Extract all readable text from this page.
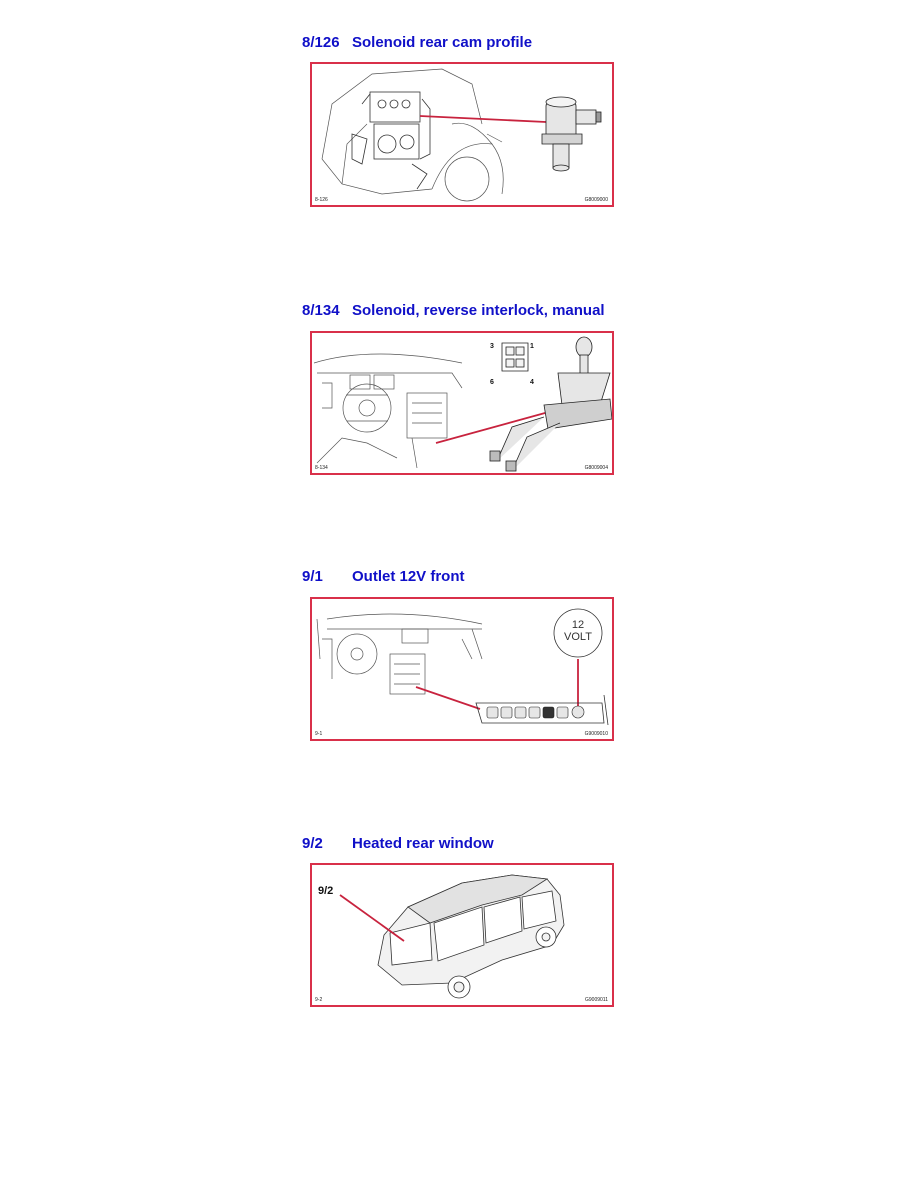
8/126 Solenoid rear cam profile
8-126	G8009000
8/134 Solenoid, reverse interlock, manual
3	1
6	4
8-134	G8009004
9/1 Outlet 12V front
12
VOLT
9-1	G9009010
9/2 Heated rear window
9/2
9-2	G9009011
